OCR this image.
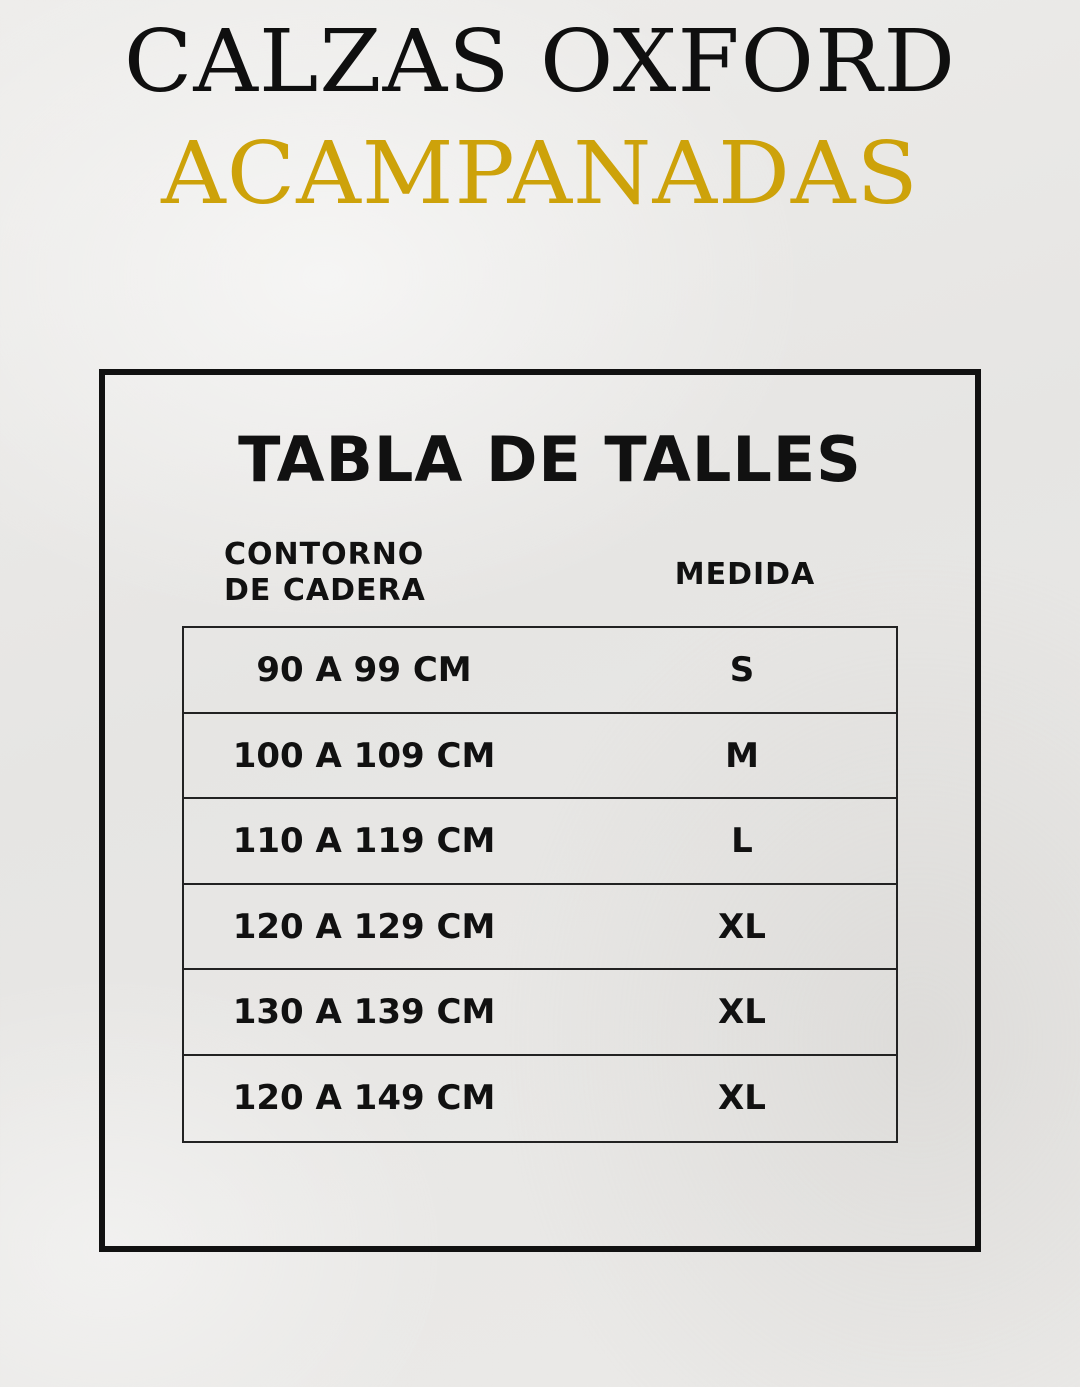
CALZAS OXFORD
ACAMPANADAS
TABLA DE TALLES
CONTORNO
DE CADERA	MEDIDA
90 A 99 CM	S
100 A 109 CM	M
110 A 119 CM	L
120 A 129 CM	XL
130 A 139 CM	XL
120 A 149 CM	XL
